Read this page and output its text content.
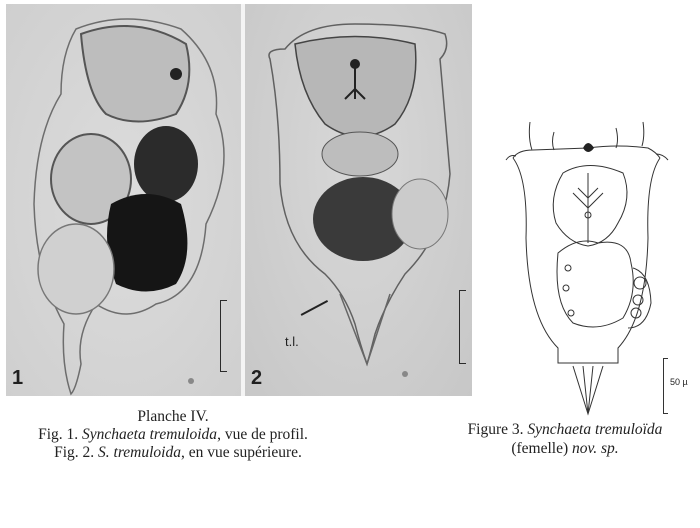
1
t.l.
2	50 µ
Planche IV.
Fig. 1. Synchaeta tremuloida, vue de profil.
Fig. 2. S. tremuloida, en vue supérieure.
Figure 3. Synchaeta tremuloïda
(femelle) nov. sp.
